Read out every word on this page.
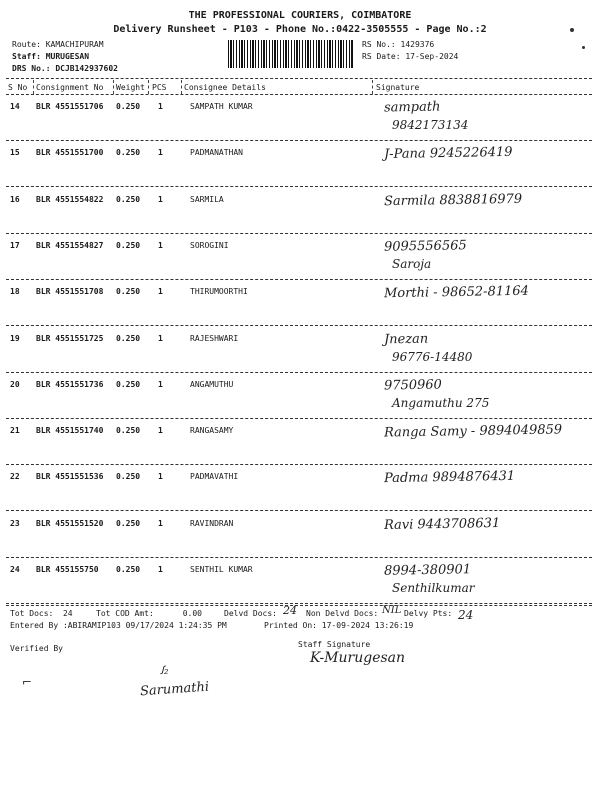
THE PROFESSIONAL COURIERS, COIMBATORE
Delivery Runsheet - P103 - Phone No.:0422-3505555 - Page No.:2
Route: KAMACHIPURAM
Staff: MURUGESAN
DRS No.: DCJB142937602
RS No.: 1429376
RS Date: 17-Sep-2024
S No Consignment No Weight PCS Consignee Details	Signature
14 BLR 4551551706 0.250 1	SAMPATH KUMAR	sampath
9842173134
15 BLR 4551551700 0.250 1	PADMANATHAN	J-Pana 9245226419
16 BLR 4551554822 0.250 1	SARMILA	Sarmila 8838816979
17 BLR 4551554827 0.250 1	SOROGINI	9095556565
Saroja
18 BLR 4551551708 0.250 1	THIRUMOORTHI	Morthi - 98652-81164
19 BLR 4551551725 0.250 1	RAJESHWARI	Jnezan
96776-14480
20 BLR 4551551736 0.250 1	ANGAMUTHU	9750960
Angamuthu 275
21 BLR 4551551740 0.250 1	RANGASAMY	Ranga Samy - 9894049859
22 BLR 4551551536 0.250 1	PADMAVATHI	Padma 9894876431
23 BLR 4551551520 0.250 1	RAVINDRAN	Ravi 9443708631
24 BLR 455155750 0.250 1	SENTHIL KUMAR	8994-380901
Senthilkumar
Tot Docs:  24	Tot COD Amt:      0.00	Delvd Docs: 24 Non Delvd Docs: NIL Delvy Pts: 24
Entered By :ABIRAMIP103 09/17/2024 1:24:35 PM	Printed On: 17-09-2024 13:26:19
Verified By	Staff Signature
K-Murugesan
Sarumathi
ꭍ₂
⌐
